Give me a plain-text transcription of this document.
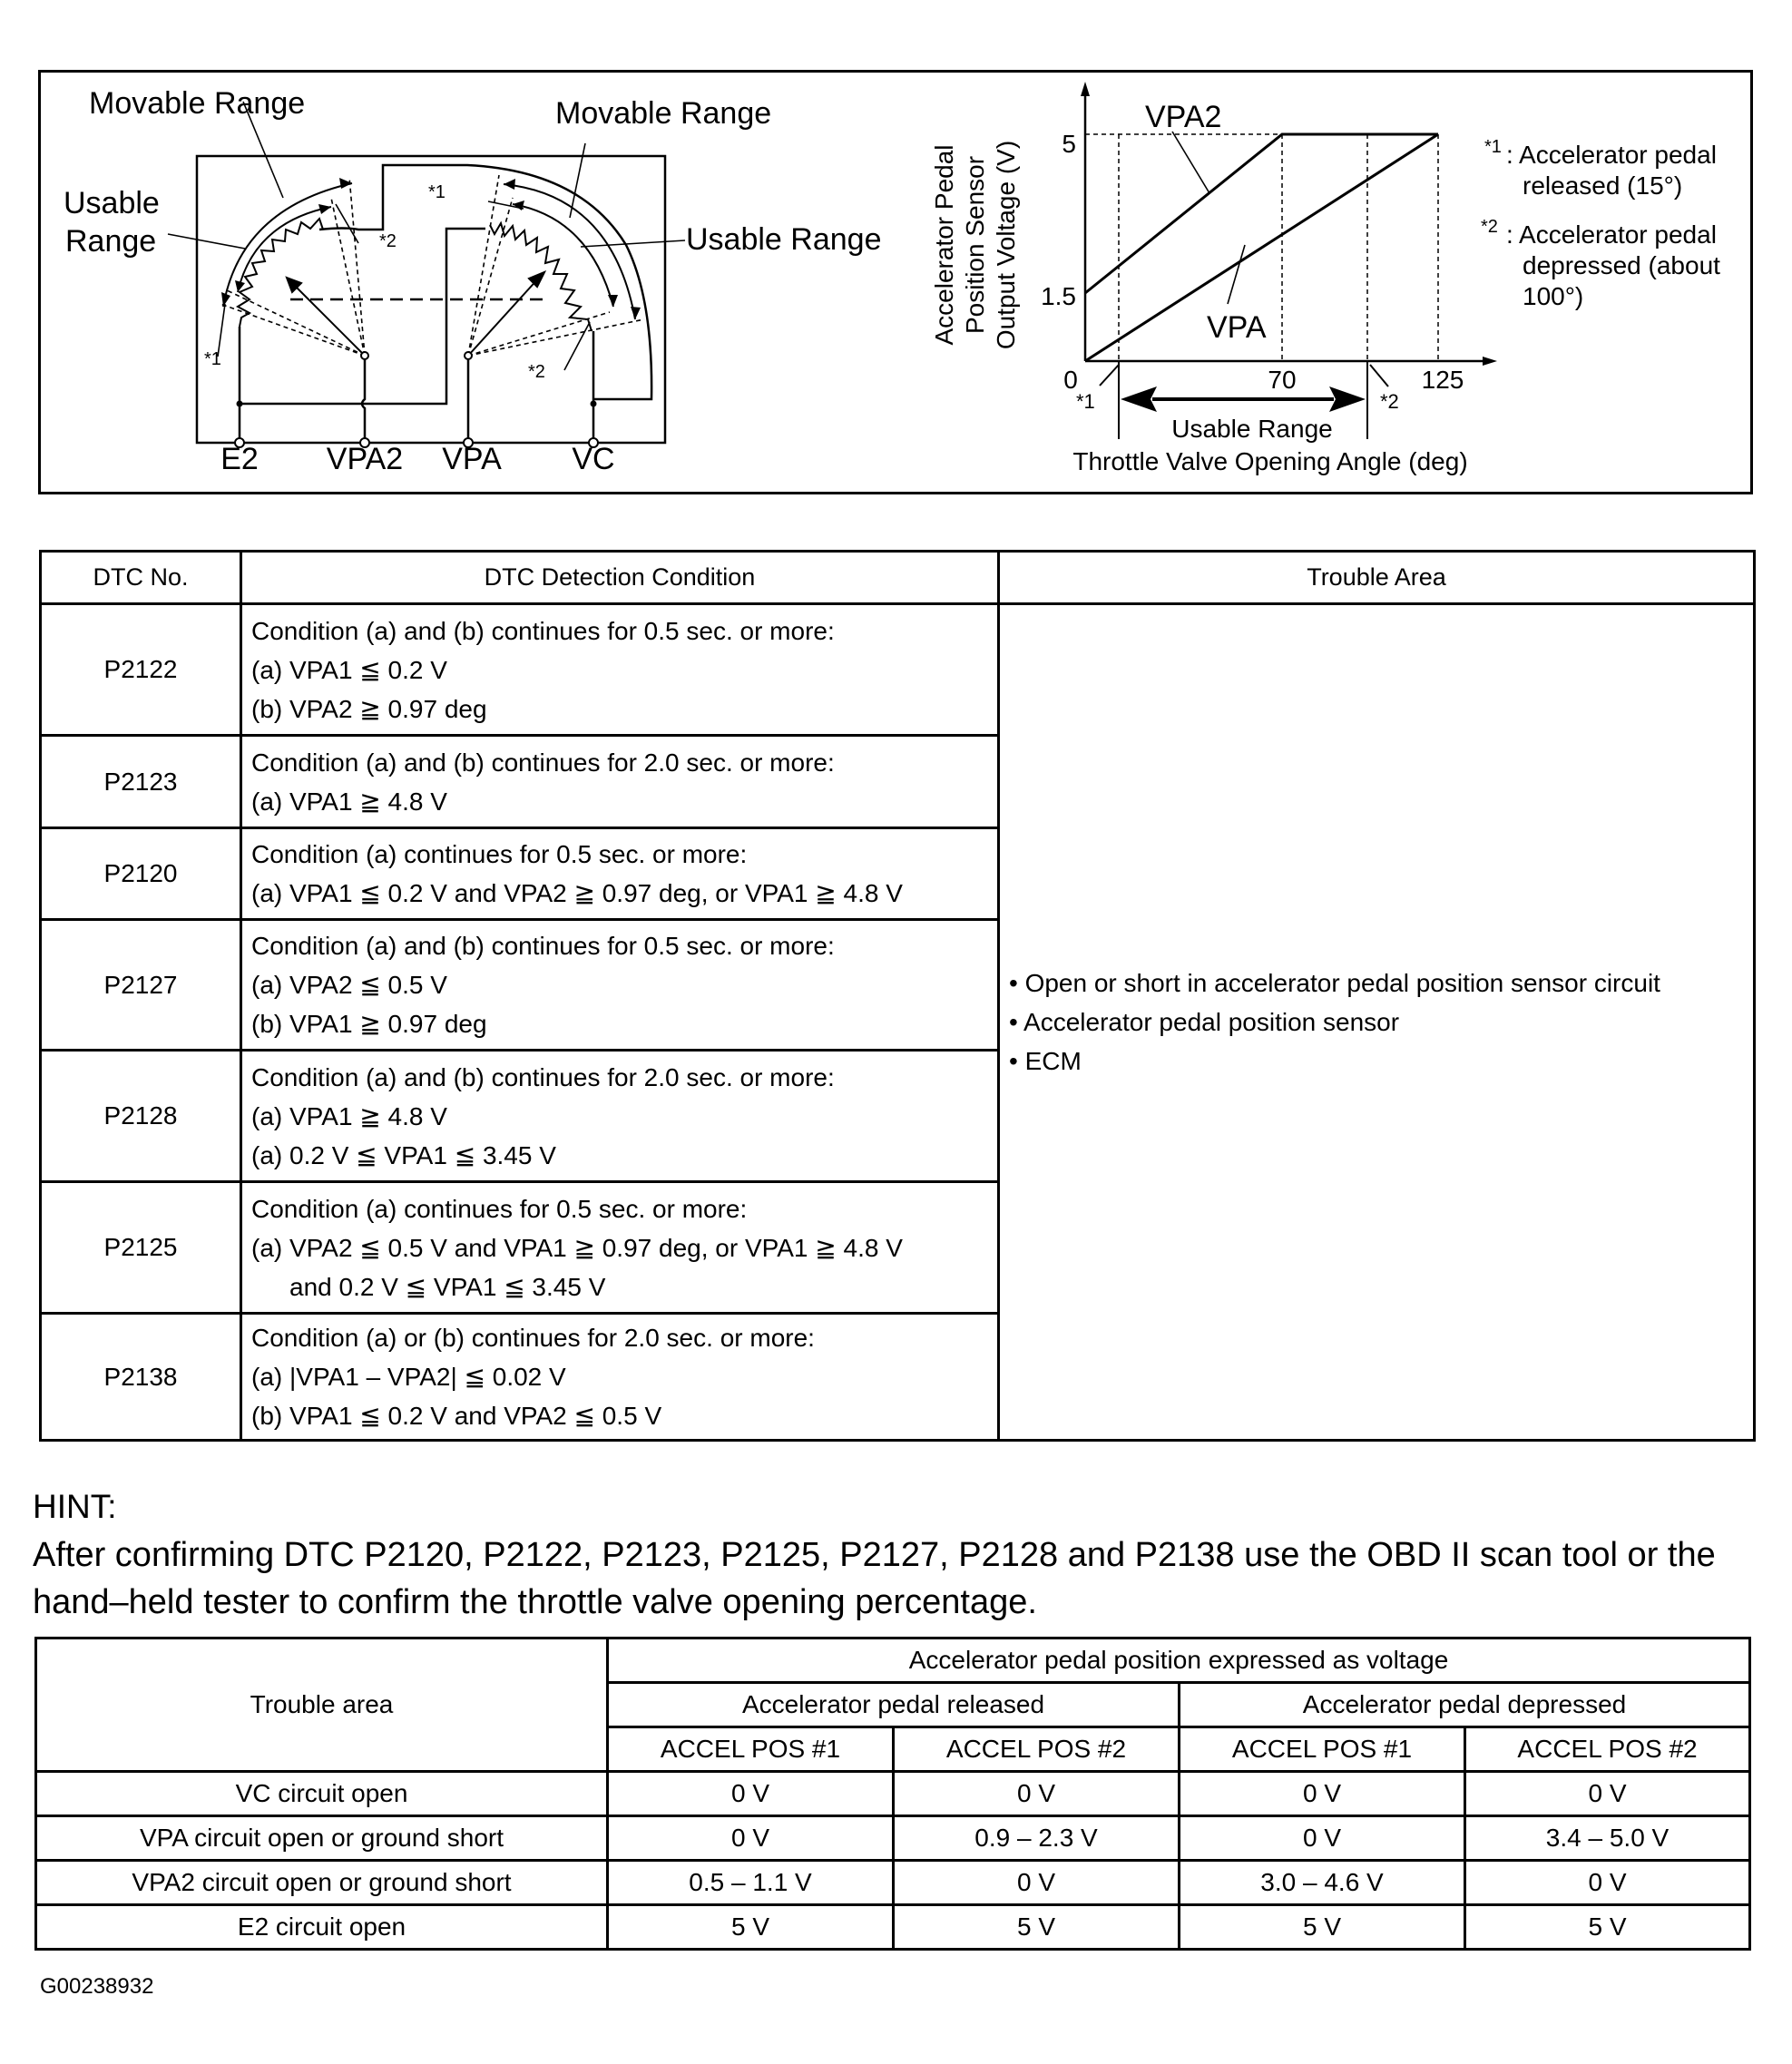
Movable Range	Movable Range
Usable
Range	Usable Range
*1
*2
*1
*2
E2 VPA2 VPA VC
Accelerator Pedal Position Sensor Output Voltage (V)
VPA2
VPA
5
1.5
0	70	125
*1	*2
Usable Range
Throttle Valve Opening Angle (deg)
*1 : Accelerator pedal
released (15°)
*2 : Accelerator pedal
depressed (about
100°)
DTC No.	DTC Detection Condition	Trouble Area
P2122	Condition (a) and (b) continues for 0.5 sec. or more:
(a) VPA1 ≦ 0.2 V
(b) VPA2 ≧ 0.97 deg	• Open or short in accelerator pedal position sensor circuit
• Accelerator pedal position sensor
• ECM

P2123	Condition (a) and (b) continues for 2.0 sec. or more:
(a) VPA1 ≧ 4.8 V	

P2120	Condition (a) continues for 0.5 sec. or more:
(a) VPA1 ≦ 0.2 V and VPA2 ≧ 0.97 deg, or VPA1 ≧ 4.8 V	

P2127	Condition (a) and (b) continues for 0.5 sec. or more:
(a) VPA2 ≦ 0.5 V
(b) VPA1 ≧ 0.97 deg	

P2128	Condition (a) and (b) continues for 2.0 sec. or more:
(a) VPA1 ≧ 4.8 V
(a) 0.2 V ≦ VPA1 ≦ 3.45 V	

P2125	Condition (a) continues for 0.5 sec. or more:
(a) VPA2 ≦ 0.5 V and VPA1 ≧ 0.97 deg, or VPA1 ≧ 4.8 V
and 0.2 V ≦ VPA1 ≦ 3.45 V	

P2138	Condition (a) or (b) continues for 2.0 sec. or more:
(a) |VPA1 – VPA2| ≦ 0.02 V
(b) VPA1 ≦ 0.2 V and VPA2 ≦ 0.5 V	
HINT:
After confirming DTC P2120, P2122, P2123, P2125, P2127, P2128 and P2138 use the OBD II scan tool or the hand–held tester to confirm the throttle valve opening percentage.
Trouble area	Accelerator pedal position expressed as voltage			
	Accelerator pedal released		Accelerator pedal depressed	
	ACCEL POS #1	ACCEL POS #2	ACCEL POS #1	ACCEL POS #2
VC circuit open	0 V	0 V	0 V	0 V
VPA circuit open or ground short	0 V	0.9 – 2.3 V	0 V	3.4 – 5.0 V
VPA2 circuit open or ground short	0.5 – 1.1 V	0 V	3.0 – 4.6 V	0 V
E2 circuit open	5 V	5 V	5 V	5 V
G00238932
